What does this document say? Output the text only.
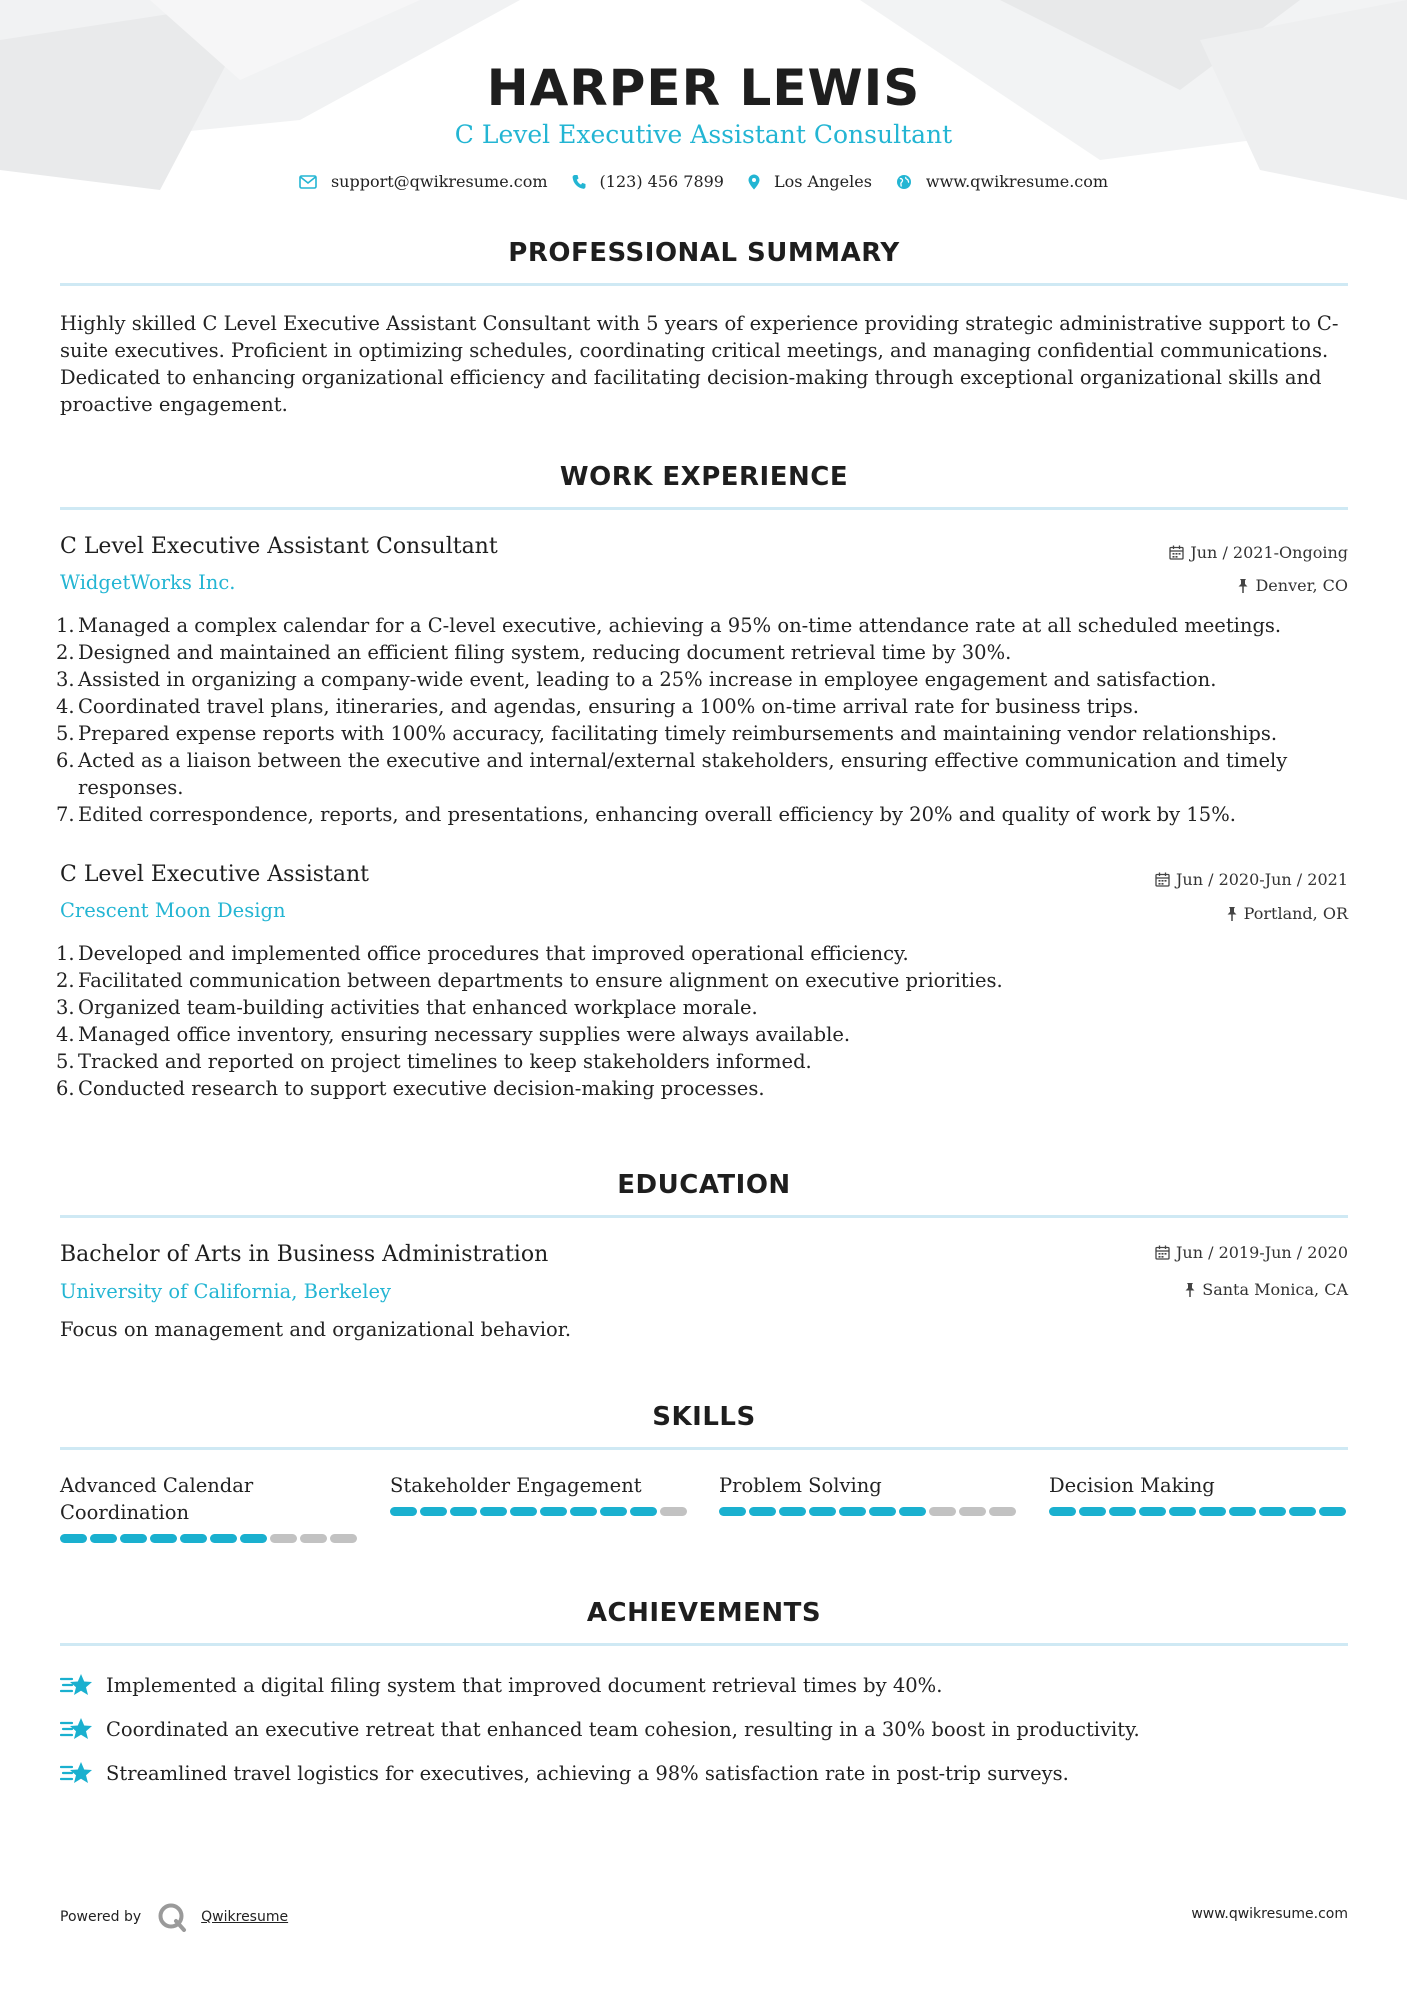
HARPER LEWIS
C Level Executive Assistant Consultant
support@qwikresume.com	(123) 456 7899	Los Angeles	www.qwikresume.com
PROFESSIONAL SUMMARY
Highly skilled C Level Executive Assistant Consultant with 5 years of experience providing strategic administrative support to C-suite executives. Proficient in optimizing schedules, coordinating critical meetings, and managing confidential communications. Dedicated to enhancing organizational efficiency and facilitating decision-making through exceptional organizational skills and proactive engagement.
WORK EXPERIENCE
C Level Executive Assistant Consultant	Jun / 2021-Ongoing
WidgetWorks Inc.	Denver, CO
1. Managed a complex calendar for a C-level executive, achieving a 95% on-time attendance rate at all scheduled meetings.
2. Designed and maintained an efficient filing system, reducing document retrieval time by 30%.
3. Assisted in organizing a company-wide event, leading to a 25% increase in employee engagement and satisfaction.
4. Coordinated travel plans, itineraries, and agendas, ensuring a 100% on-time arrival rate for business trips.
5. Prepared expense reports with 100% accuracy, facilitating timely reimbursements and maintaining vendor relationships.
6. Acted as a liaison between the executive and internal/external stakeholders, ensuring effective communication and timely responses.
7. Edited correspondence, reports, and presentations, enhancing overall efficiency by 20% and quality of work by 15%.
C Level Executive Assistant	Jun / 2020-Jun / 2021
Crescent Moon Design	Portland, OR
1. Developed and implemented office procedures that improved operational efficiency.
2. Facilitated communication between departments to ensure alignment on executive priorities.
3. Organized team-building activities that enhanced workplace morale.
4. Managed office inventory, ensuring necessary supplies were always available.
5. Tracked and reported on project timelines to keep stakeholders informed.
6. Conducted research to support executive decision-making processes.
EDUCATION
Bachelor of Arts in Business Administration	Jun / 2019-Jun / 2020
University of California, Berkeley	Santa Monica, CA
Focus on management and organizational behavior.
SKILLS
Advanced Calendar Coordination
Stakeholder Engagement	Problem Solving	Decision Making
ACHIEVEMENTS
Implemented a digital filing system that improved document retrieval times by 40%.
Coordinated an executive retreat that enhanced team cohesion, resulting in a 30% boost in productivity.
Streamlined travel logistics for executives, achieving a 98% satisfaction rate in post-trip surveys.
Powered by	Qwikresume	www.qwikresume.com
